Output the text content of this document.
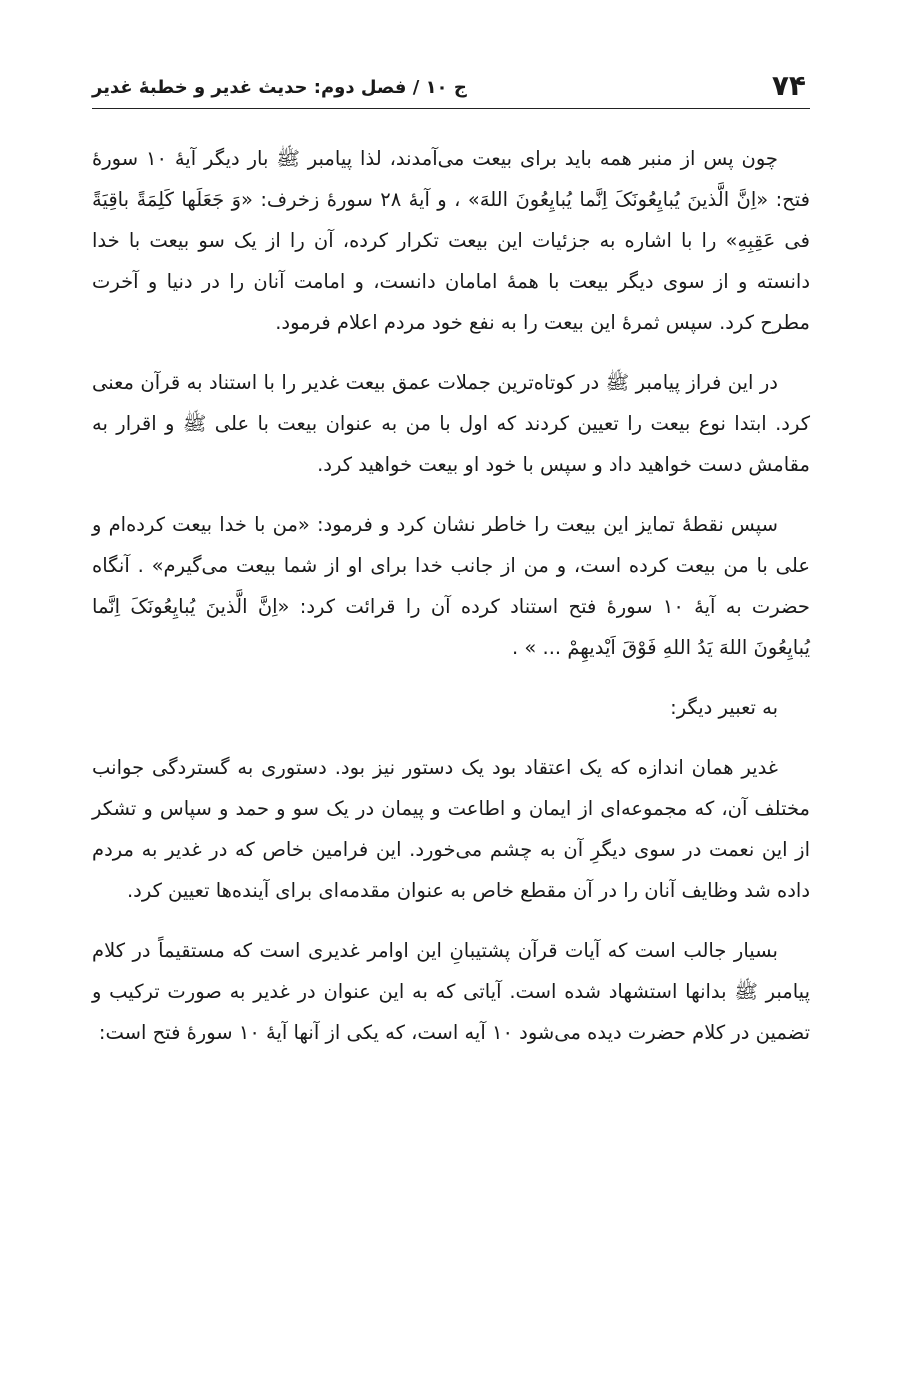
۷۴
ج ۱۰ / فصل دوم: حدیث غدیر و خطبهٔ غدیر

چون پس از منبر همه باید برای بیعت می‌آمدند، لذا پیامبر ﷺ بار دیگر آیهٔ ۱۰ سورهٔ فتح: «اِنَّ الَّذینَ یُبایِعُونَکَ اِنَّما یُبایِعُونَ اللهَ» ، و آیهٔ ۲۸ سورهٔ زخرف: «وَ جَعَلَها کَلِمَةً باقِیَةً فی عَقِبِهِ» را با اشاره به جزئیات این بیعت تکرار کرده، آن را از یک سو بیعت با خدا دانسته و از سوی دیگر بیعت با همهٔ امامان دانست، و امامت آنان را در دنیا و آخرت مطرح کرد. سپس ثمرهٔ این بیعت را به نفع خود مردم اعلام فرمود.

در این فراز پیامبر ﷺ در کوتاه‌ترین جملات عمق بیعت غدیر را با استناد به قرآن معنی کرد. ابتدا نوع بیعت را تعیین کردند که اول با من به عنوان بیعت با علی ﷺ و اقرار به مقامش دست خواهید داد و سپس با خود او بیعت خواهید کرد.

سپس نقطهٔ تمایز این بیعت را خاطر نشان کرد و فرمود: «من با خدا بیعت کرده‌ام و علی با من بیعت کرده است، و من از جانب خدا برای او از شما بیعت می‌گیرم» . آنگاه حضرت به آیهٔ ۱۰ سورهٔ فتح استناد کرده آن را قرائت کرد: «اِنَّ الَّذینَ یُبایِعُونَکَ اِنَّما یُبایِعُونَ اللهَ یَدُ اللهِ فَوْقَ اَیْدیهِمْ ... » .

به تعبیر دیگر:

غدیر همان اندازه که یک اعتقاد بود یک دستور نیز بود. دستوری به گستردگی جوانب مختلف آن، که مجموعه‌ای از ایمان و اطاعت و پیمان در یک سو و حمد و سپاس و تشکر از این نعمت در سوی دیگرِ آن به چشم می‌خورد. این فرامین خاص که در غدیر به مردم داده شد وظایف آنان را در آن مقطع خاص به عنوان مقدمه‌ای برای آینده‌ها تعیین کرد.

بسیار جالب است که آیات قرآن پشتیبانِ این اوامر غدیری است که مستقیماً در کلام پیامبر ﷺ بدانها استشهاد شده است. آیاتی که به این عنوان در غدیر به صورت ترکیب و تضمین در کلام حضرت دیده می‌شود ۱۰ آیه است، که یکی از آنها آیهٔ ۱۰ سورهٔ فتح است:
